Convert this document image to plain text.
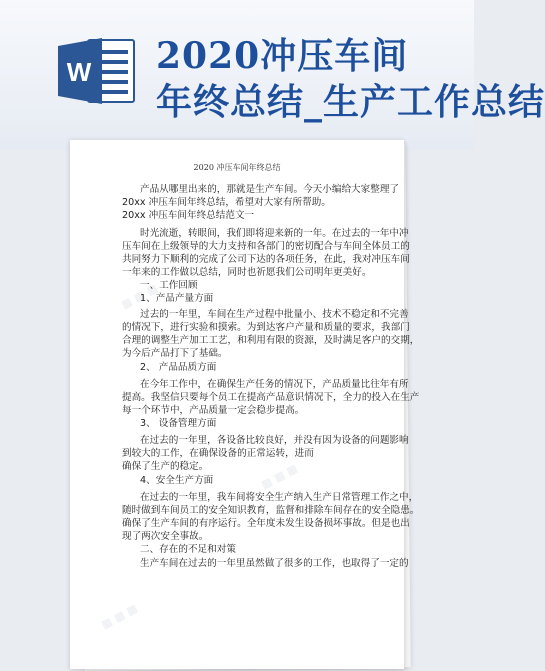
W 2020冲压车间
年终总结_生产工作总结
▦ ▦ ▦
▦ ▦ ▦
▦ ▦ ▦
2020 冲压车间年终总结
产品从哪里出来的，那就是生产车间。今天小编给大家整理了
20xx 冲压车间年终总结，希望对大家有所帮助。
20xx 冲压车间年终总结范文一
时光流逝，转眼间，我们即将迎来新的一年。在过去的一年中冲
压车间在上级领导的大力支持和各部门的密切配合与车间全体员工的
共同努力下顺利的完成了公司下达的各项任务，在此，我对冲压车间
一年来的工作做以总结，同时也祈愿我们公司明年更美好。
一、工作回顾
1、产品产量方面
过去的一年里，车间在生产过程中批量小、技术不稳定和不完善
的情况下，进行实验和摸索。为到达客户产量和质量的要求，我部门
合理的调整生产加工工艺，和利用有限的资源，及时满足客户的交期，
为今后产品打下了基础。
2、 产品品质方面
在今年工作中，在确保生产任务的情况下，产品质量比往年有所
提高。我坚信只要每个员工在提高产品意识情况下，全力的投入在生产
每一个环节中，产品质量一定会稳步提高。
3、 设备管理方面
在过去的一年里，各设备比较良好，并没有因为设备的问题影响
到较大的工作，在确保设备的正常运转，进而
确保了生产的稳定。
4、安全生产方面
在过去的一年里，我车间将安全生产纳入生产日常管理工作之中，
随时做到车间员工的安全知识教育，监督和排除车间存在的安全隐患。
确保了生产车间的有序运行。全年度未发生设备损坏事故。但是也出
现了两次安全事故。
二、存在的不足和对策
生产车间在过去的一年里虽然做了很多的工作，也取得了一定的
